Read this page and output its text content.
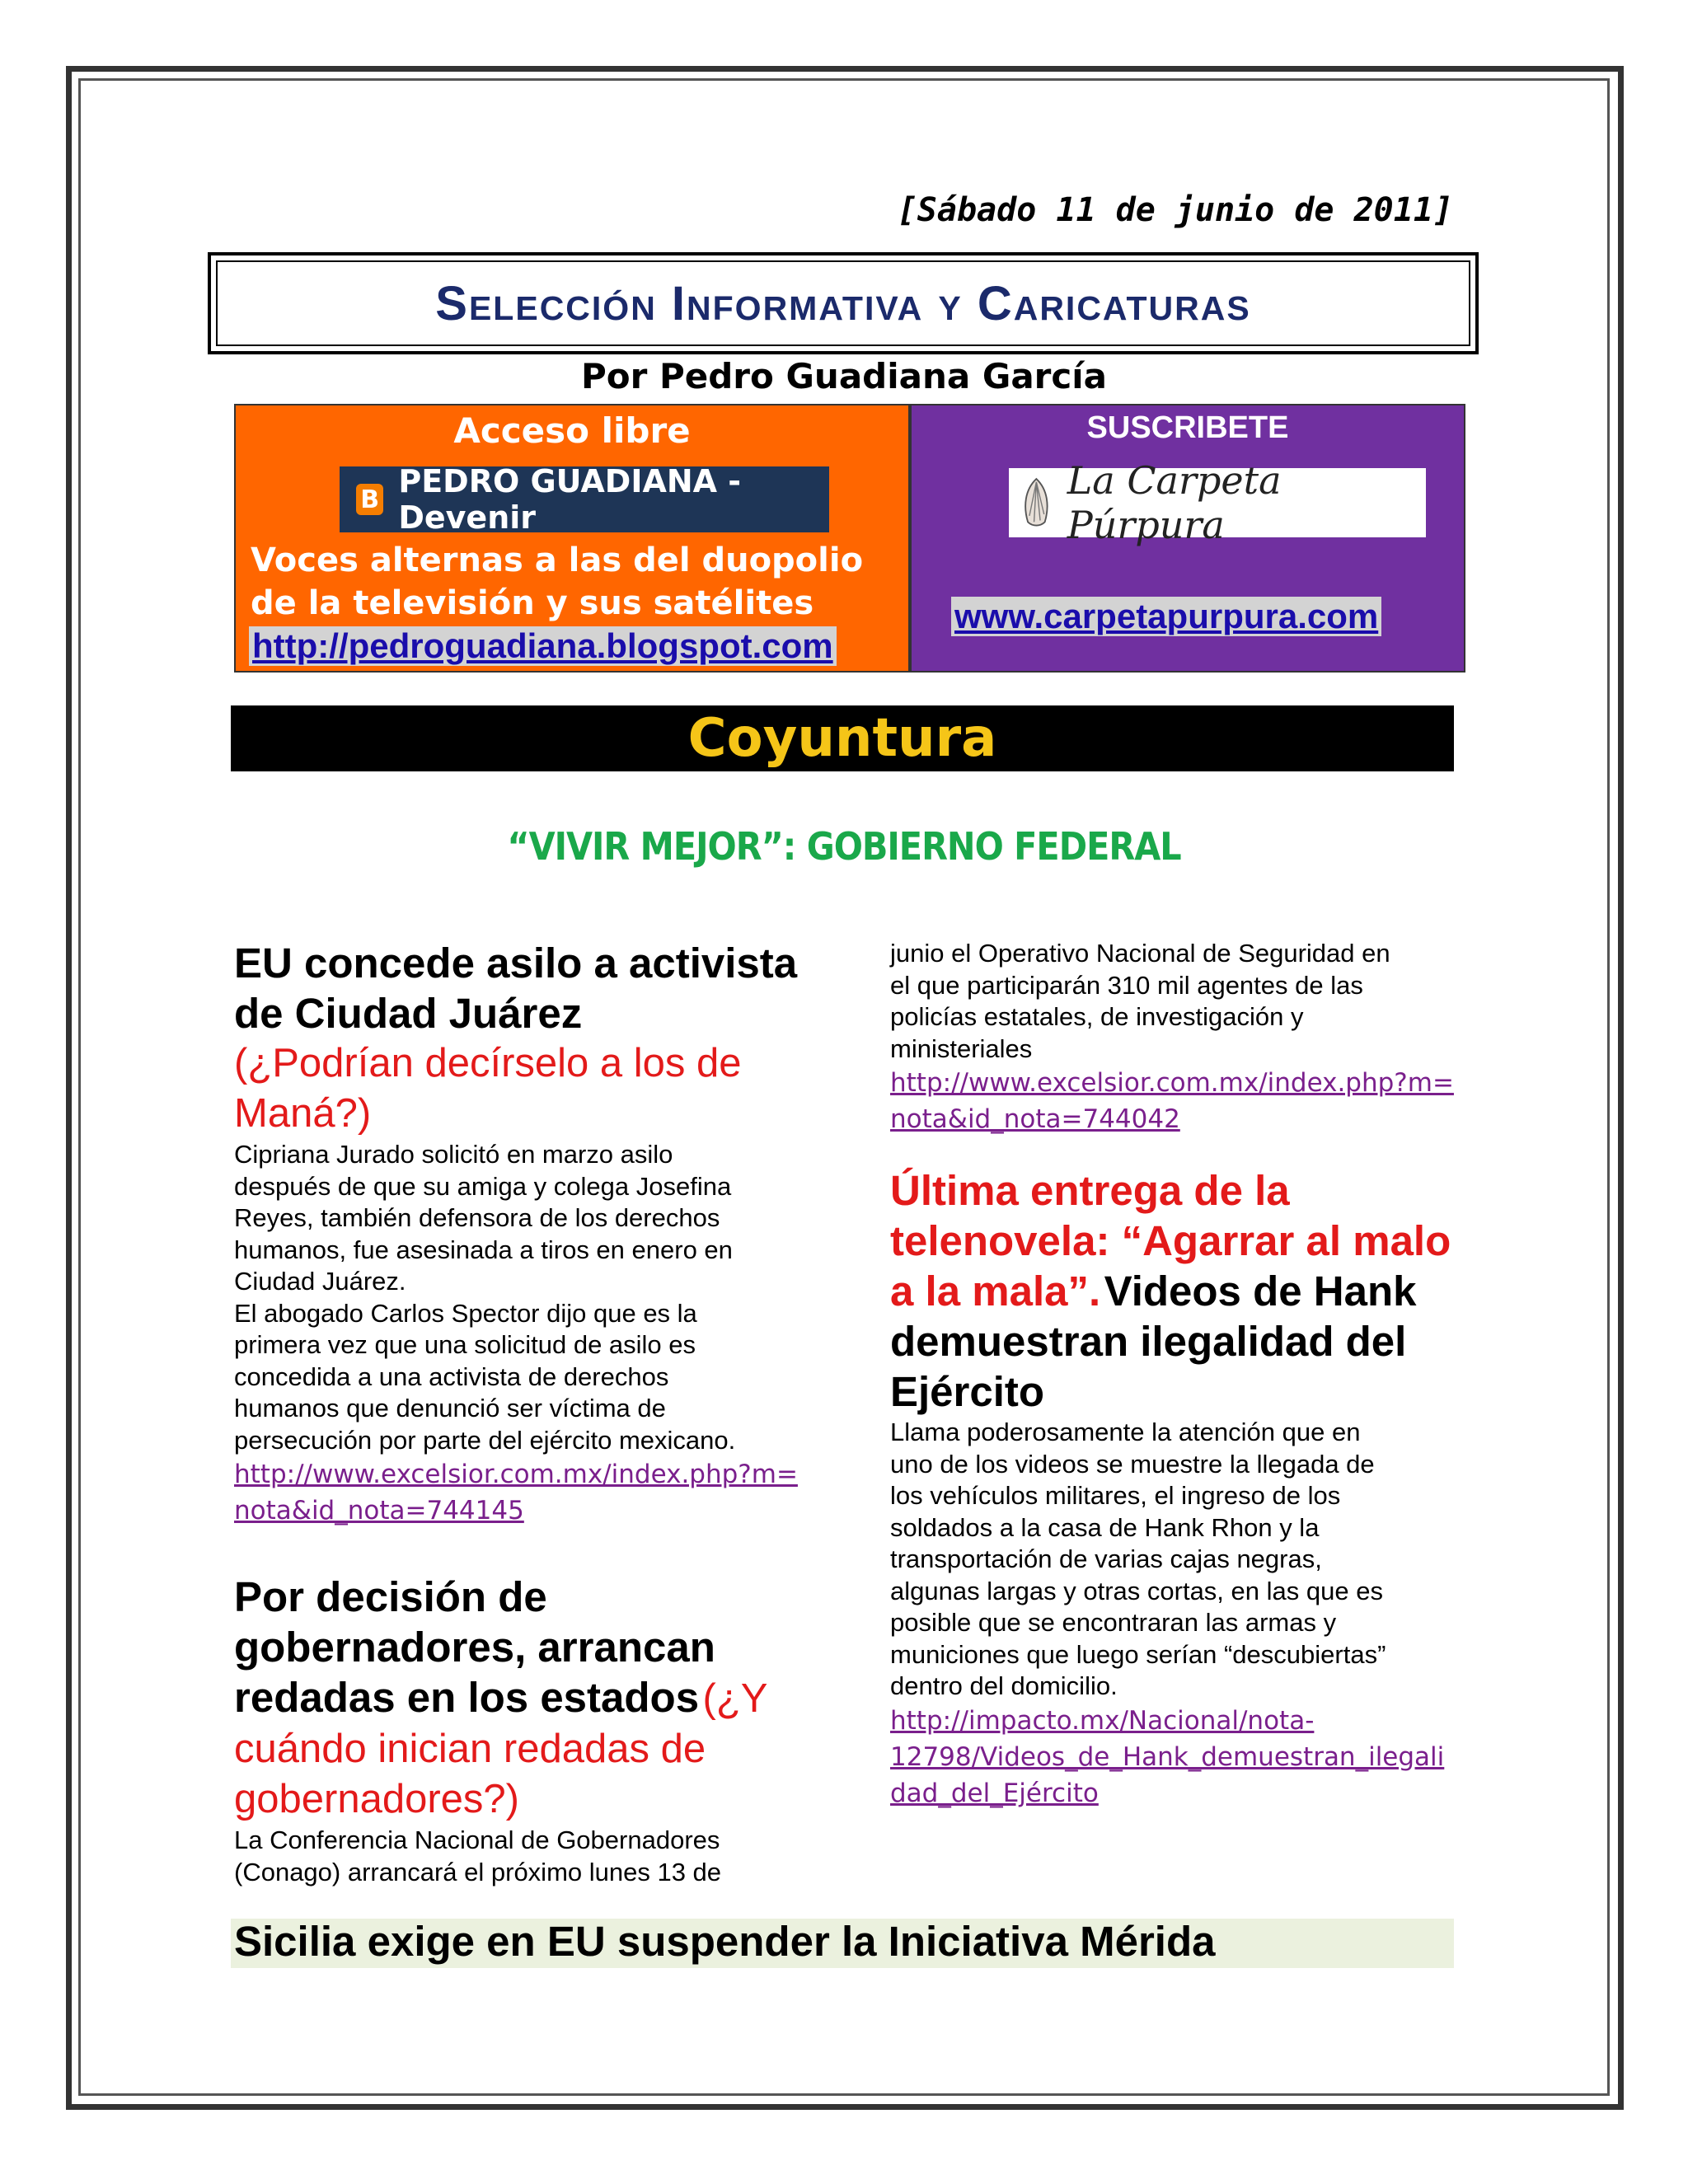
[Sábado 11 de junio de 2011]
Selección Informativa y Caricaturas
Por Pedro Guadiana García
Acceso libre
B PEDRO GUADIANA - Devenir
Voces alternas a las del duopolio de la televisión y sus satélites
http://pedroguadiana.blogspot.com
SUSCRIBETE
La Carpeta Púrpura
www.carpetapurpura.com
Coyuntura
“VIVIR MEJOR”: GOBIERNO FEDERAL
EU concede asilo a activista de Ciudad Juárez
(¿Podrían decírselo a los de Maná?)
Cipriana Jurado solicitó en marzo asilo
después de que su amiga y colega Josefina
Reyes, también defensora de los derechos
humanos, fue asesinada a tiros en enero en
Ciudad Juárez.
El abogado Carlos Spector dijo que es la
primera vez que una solicitud de asilo es
concedida a una activista de derechos
humanos que denunció ser víctima de
persecución por parte del ejército mexicano.
http://www.excelsior.com.mx/index.php?m=
nota&id_nota=744145
Por decisión de gobernadores, arrancan redadas en los estados (¿Y cuándo inician redadas de gobernadores?)
La Conferencia Nacional de Gobernadores
(Conago) arrancará el próximo lunes 13 de
junio el Operativo Nacional de Seguridad en
el que participarán 310 mil agentes de las
policías estatales, de investigación y
ministeriales
http://www.excelsior.com.mx/index.php?m=
nota&id_nota=744042
Última entrega de la telenovela: “Agarrar al malo a la mala”. Videos de Hank demuestran ilegalidad del Ejército
Llama poderosamente la atención que en
uno de los videos se muestre la llegada de
los vehículos militares, el ingreso de los
soldados a la casa de Hank Rhon y la
transportación de varias cajas negras,
algunas largas y otras cortas, en las que es
posible que se encontraran las armas y
municiones que luego serían “descubiertas”
dentro del domicilio.
http://impacto.mx/Nacional/nota-
12798/Videos_de_Hank_demuestran_ilegali
dad_del_Ejército
Sicilia exige en EU suspender la Iniciativa Mérida
